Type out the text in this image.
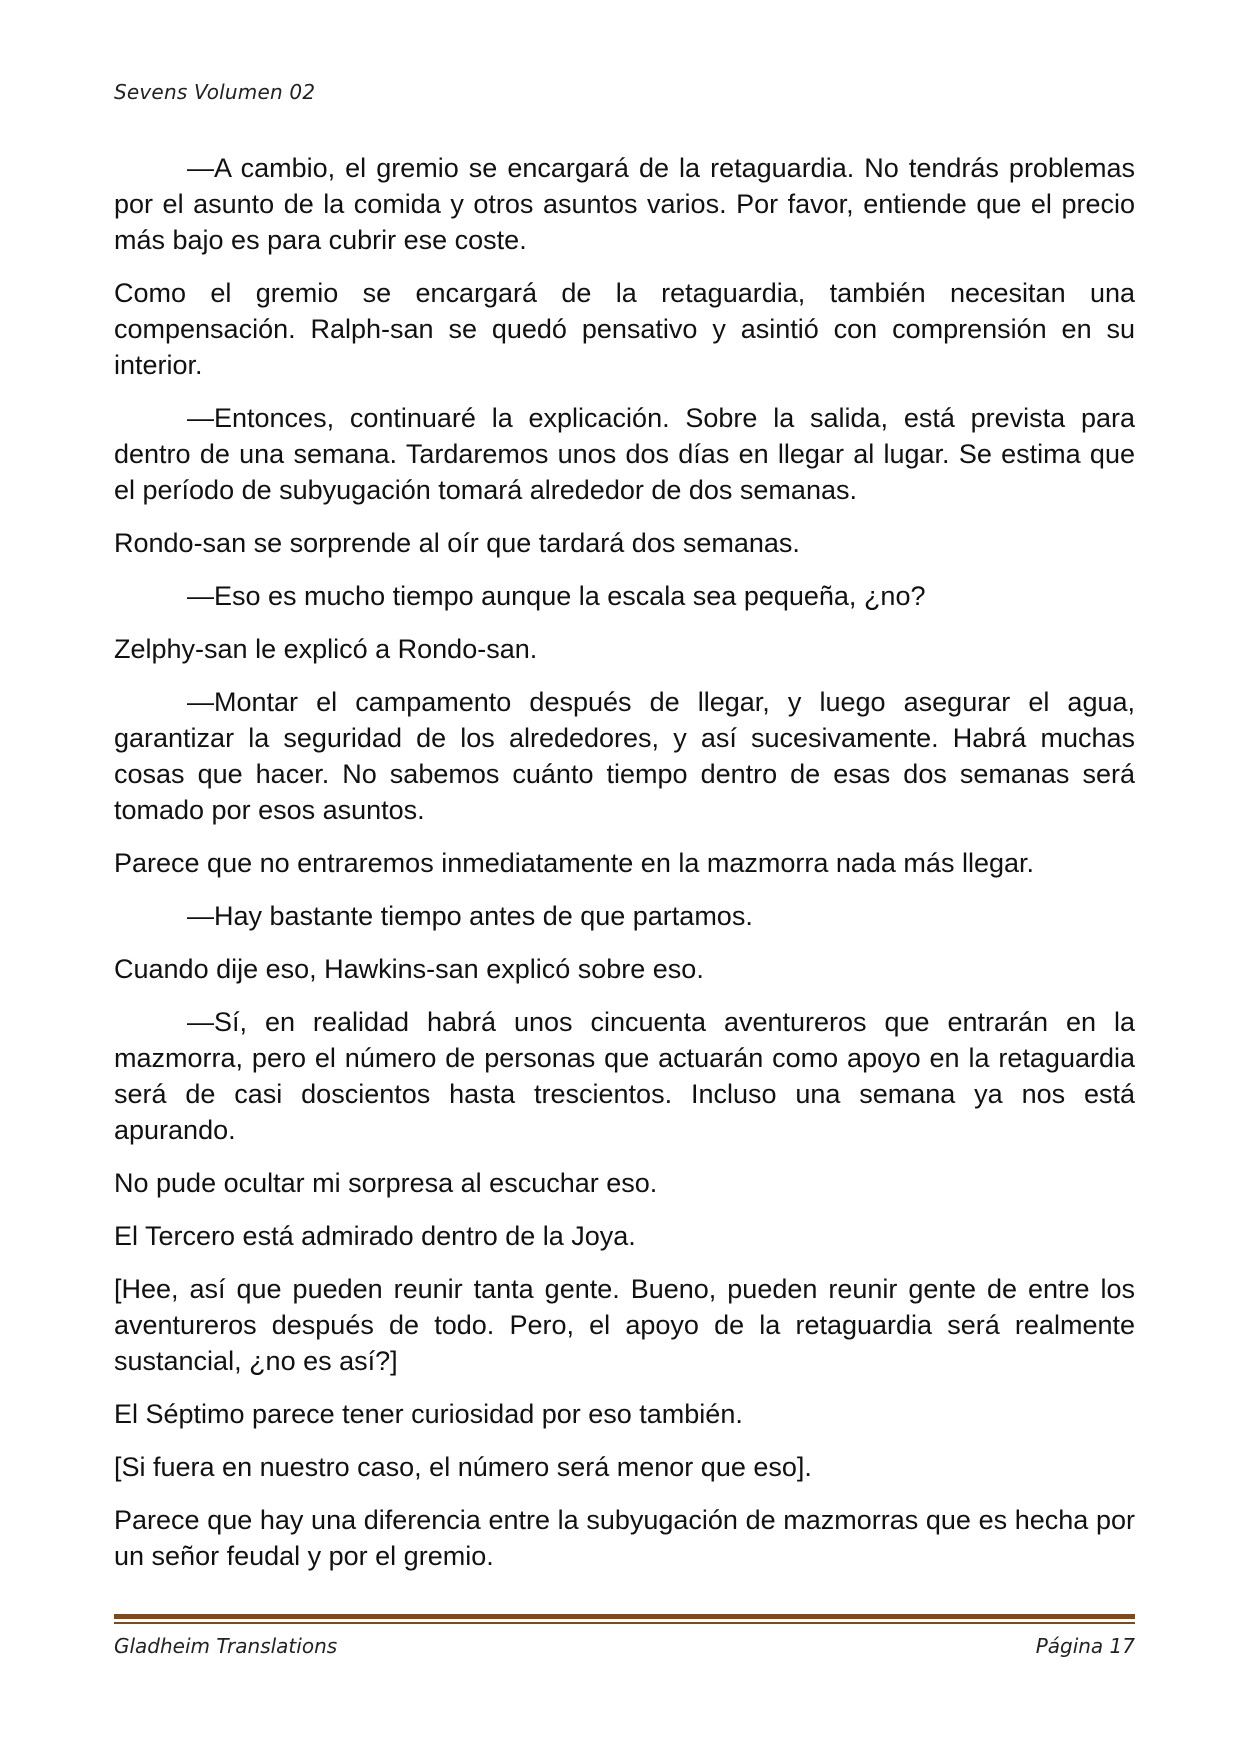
Sevens Volumen 02

—A cambio, el gremio se encargará de la retaguardia. No tendrás problemas por el asunto de la comida y otros asuntos varios. Por favor, entiende que el precio más bajo es para cubrir ese coste.

Como el gremio se encargará de la retaguardia, también necesitan una compensación. Ralph-san se quedó pensativo y asintió con comprensión en su interior.

—Entonces, continuaré la explicación. Sobre la salida, está prevista para dentro de una semana. Tardaremos unos dos días en llegar al lugar. Se estima que el período de subyugación tomará alrededor de dos semanas.

Rondo-san se sorprende al oír que tardará dos semanas.

—Eso es mucho tiempo aunque la escala sea pequeña, ¿no?

Zelphy-san le explicó a Rondo-san.

—Montar el campamento después de llegar, y luego asegurar el agua, garantizar la seguridad de los alrededores, y así sucesivamente. Habrá muchas cosas que hacer. No sabemos cuánto tiempo dentro de esas dos semanas será tomado por esos asuntos.

Parece que no entraremos inmediatamente en la mazmorra nada más llegar.

—Hay bastante tiempo antes de que partamos.

Cuando dije eso, Hawkins-san explicó sobre eso.

—Sí, en realidad habrá unos cincuenta aventureros que entrarán en la mazmorra, pero el número de personas que actuarán como apoyo en la retaguardia será de casi doscientos hasta trescientos. Incluso una semana ya nos está apurando.

No pude ocultar mi sorpresa al escuchar eso.

El Tercero está admirado dentro de la Joya.

[Hee, así que pueden reunir tanta gente. Bueno, pueden reunir gente de entre los aventureros después de todo. Pero, el apoyo de la retaguardia será realmente sustancial, ¿no es así?]

El Séptimo parece tener curiosidad por eso también.

[Si fuera en nuestro caso, el número será menor que eso].

Parece que hay una diferencia entre la subyugación de mazmorras que es hecha por un señor feudal y por el gremio.

Gladheim Translations	Página 17
